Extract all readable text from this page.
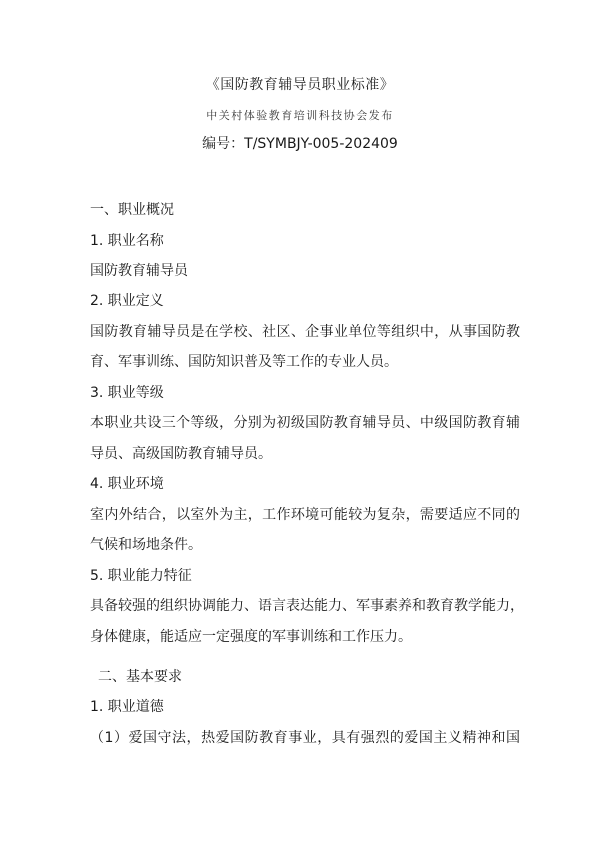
《国防教育辅导员职业标准》
中关村体验教育培训科技协会发布
编号：T/SYMBJY-005-202409
一、职业概况
1. 职业名称
国防教育辅导员
2. 职业定义
国防教育辅导员是在学校、社区、企事业单位等组织中，从事国防教
育、军事训练、国防知识普及等工作的专业人员。
3. 职业等级
本职业共设三个等级，分别为初级国防教育辅导员、中级国防教育辅
导员、高级国防教育辅导员。
4. 职业环境
室内外结合，以室外为主，工作环境可能较为复杂，需要适应不同的
气候和场地条件。
5. 职业能力特征
具备较强的组织协调能力、语言表达能力、军事素养和教育教学能力，
身体健康，能适应一定强度的军事训练和工作压力。
二、基本要求
1. 职业道德
（1）爱国守法，热爱国防教育事业，具有强烈的爱国主义精神和国
